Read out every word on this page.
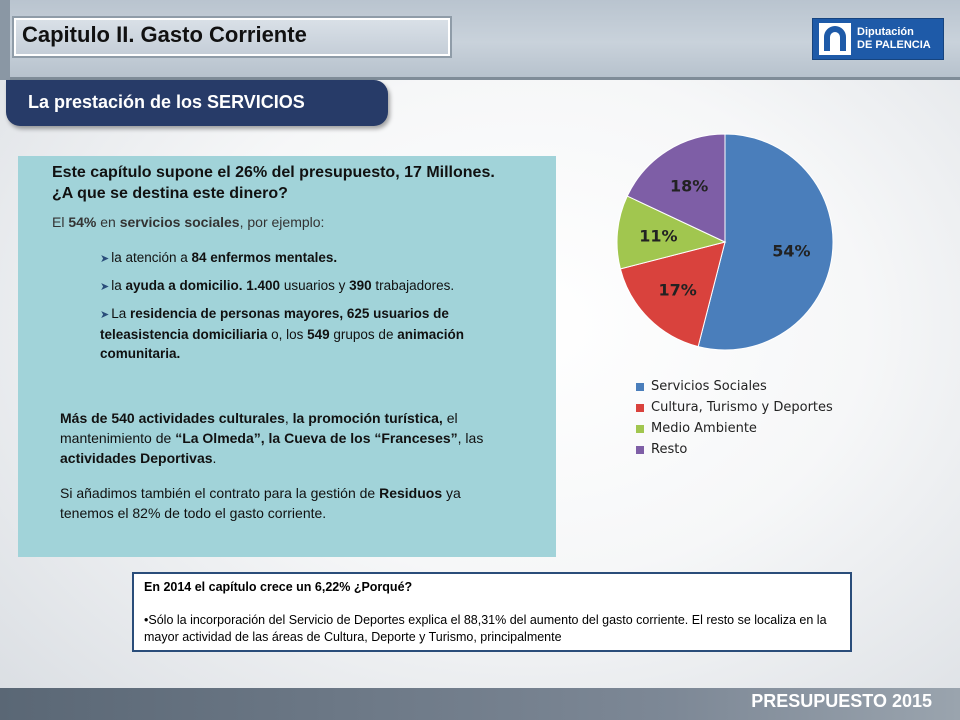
Capitulo II. Gasto Corriente	Diputación
DE PALENCIA
La prestación de los SERVICIOS

Este capítulo supone el 26% del presupuesto, 17 Millones. ¿A que se destina este dinero?

El 54% en servicios sociales, por ejemplo:

➤ la atención a 84 enfermos mentales.
➤ la ayuda a domicilio. 1.400 usuarios y 390 trabajadores.
➤ La residencia de personas mayores, 625 usuarios de teleasistencia domiciliaria o, los 549 grupos de animación comunitaria.

Más de 540 actividades culturales, la promoción turística, el mantenimiento de “La Olmeda”, la Cueva de los “Franceses”, las actividades Deportivas.

Si añadimos también el contrato para la gestión de Residuos ya tenemos el 82% de todo el gasto corriente.

54%
17%
11%
18%
Servicios Sociales
Cultura, Turismo y Deportes
Medio Ambiente
Resto
En 2014 el capítulo crece un 6,22% ¿Porqué?
•Sólo la incorporación del Servicio de Deportes explica el 88,31% del aumento del gasto corriente. El resto se localiza en la mayor actividad de las áreas de Cultura, Deporte y Turismo, principalmente
PRESUPUESTO 2015
